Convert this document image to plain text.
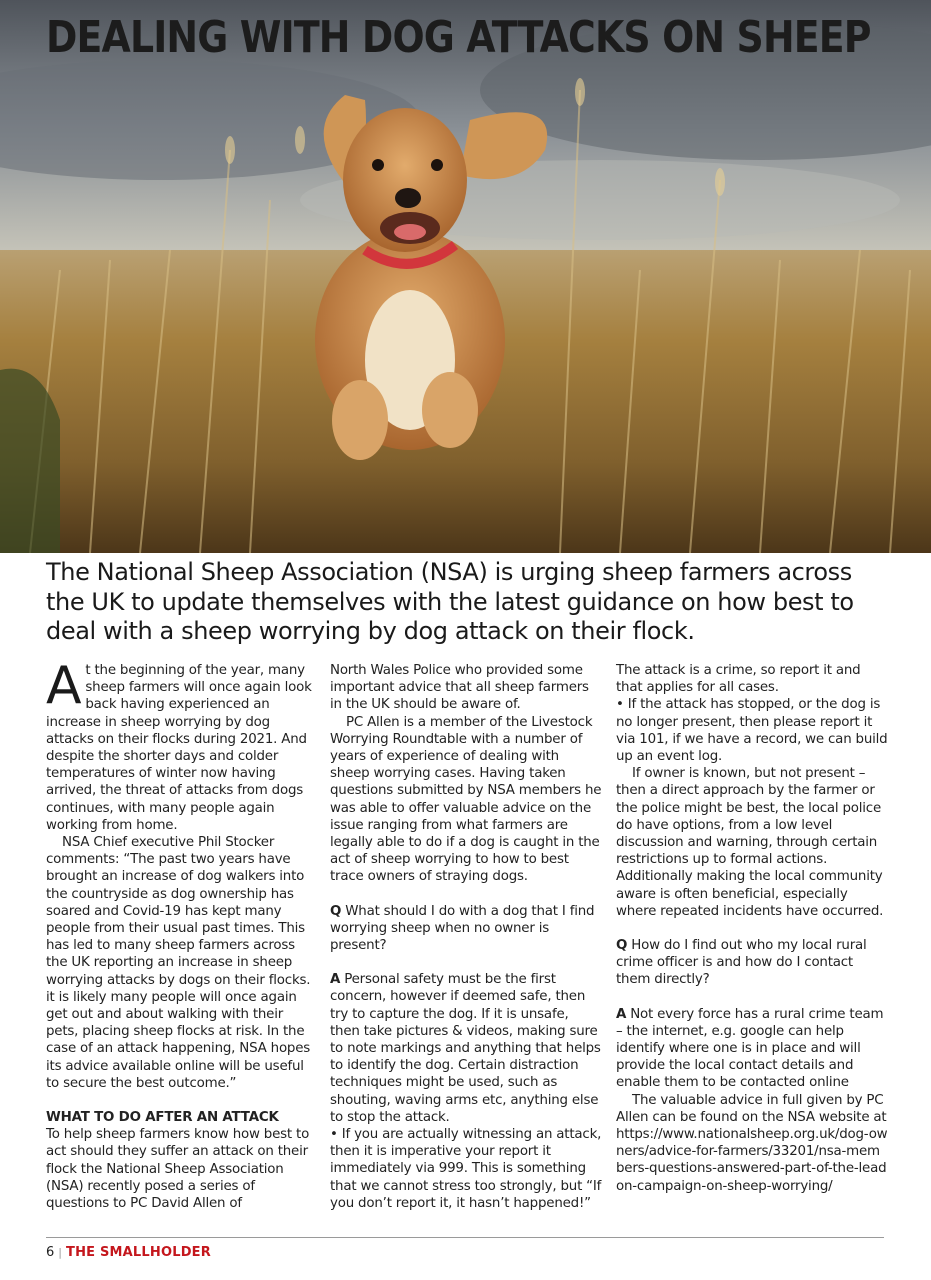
DEALING WITH DOG ATTACKS ON SHEEP

The National Sheep Association (NSA) is urging sheep farmers across the UK to update themselves with the latest guidance on how best to deal with a sheep worrying by dog attack on their flock.

At the beginning of the year, many sheep farmers will once again look back having experienced an increase in sheep worrying by dog attacks on their flocks during 2021. And despite the shorter days and colder temperatures of winter now having arrived, the threat of attacks from dogs continues, with many people again working from home.

NSA Chief executive Phil Stocker comments: “The past two years have brought an increase of dog walkers into the countryside as dog ownership has soared and Covid-19 has kept many people from their usual past times. This has led to many sheep farmers across the UK reporting an increase in sheep worrying attacks by dogs on their flocks. it is likely many people will once again get out and about walking with their pets, placing sheep flocks at risk. In the case of an attack happening, NSA hopes its advice available online will be useful to secure the best outcome.”

WHAT TO DO AFTER AN ATTACK

To help sheep farmers know how best to act should they suffer an attack on their flock the National Sheep Association (NSA) recently posed a series of questions to PC David Allen of

North Wales Police who provided some important advice that all sheep farmers in the UK should be aware of.

PC Allen is a member of the Livestock Worrying Roundtable with a number of years of experience of dealing with sheep worrying cases. Having taken questions submitted by NSA members he was able to offer valuable advice on the issue ranging from what farmers are legally able to do if a dog is caught in the act of sheep worrying to how to best trace owners of straying dogs.

Q What should I do with a dog that I find worrying sheep when no owner is present?

A Personal safety must be the first concern, however if deemed safe, then try to capture the dog. If it is unsafe, then take pictures & videos, making sure to note markings and anything that helps to identify the dog. Certain distraction techniques might be used, such as shouting, waving arms etc, anything else to stop the attack.

• If you are actually witnessing an attack, then it is imperative your report it immediately via 999. This is something that we cannot stress too strongly, but “If you don’t report it, it hasn’t happened!”

The attack is a crime, so report it and that applies for all cases.

• If the attack has stopped, or the dog is no longer present, then please report it via 101, if we have a record, we can build up an event log.

If owner is known, but not present – then a direct approach by the farmer or the police might be best, the local police do have options, from a low level discussion and warning, through certain restrictions up to formal actions. Additionally making the local community aware is often beneficial, especially where repeated incidents have occurred.

Q How do I find out who my local rural crime officer is and how do I contact them directly?

A Not every force has a rural crime team – the internet, e.g. google can help identify where one is in place and will provide the local contact details and enable them to be contacted online

The valuable advice in full given by PC Allen can be found on the NSA website at https://www.nationalsheep.org.uk/dog-owners/advice-for-farmers/33201/nsa-members-questions-answered-part-of-the-leadon-campaign-on-sheep-worrying/

6 | THE SMALLHOLDER
